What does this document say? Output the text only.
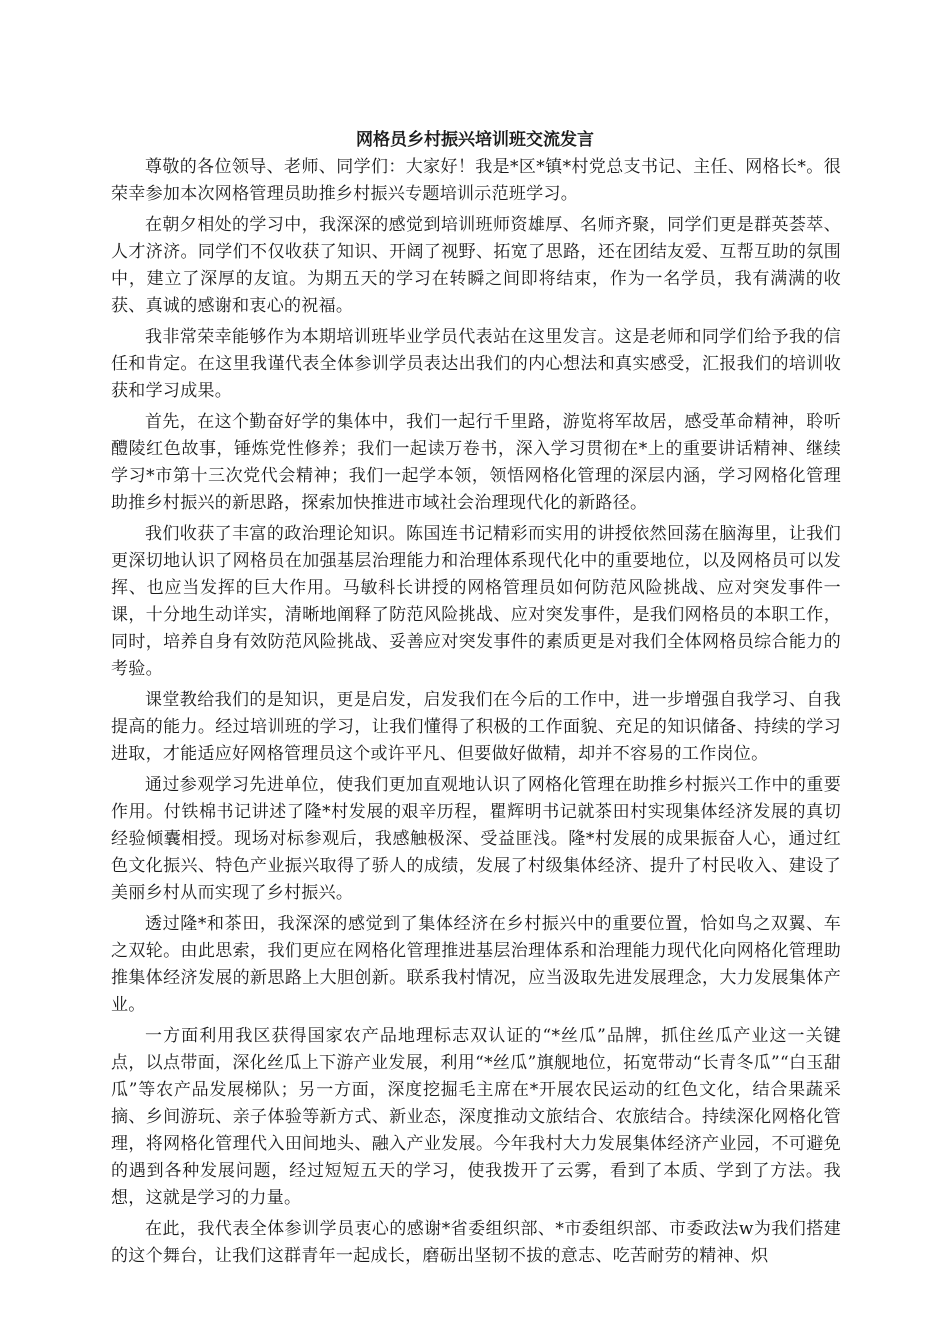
网格员乡村振兴培训班交流发言

尊敬的各位领导、老师、同学们：大家好！我是*区*镇*村党总支书记、主任、网格长*。很荣幸参加本次网格管理员助推乡村振兴专题培训示范班学习。

在朝夕相处的学习中，我深深的感觉到培训班师资雄厚、名师齐聚，同学们更是群英荟萃、人才济济。同学们不仅收获了知识、开阔了视野、拓宽了思路，还在团结友爱、互帮互助的氛围中，建立了深厚的友谊。为期五天的学习在转瞬之间即将结束，作为一名学员，我有满满的收获、真诚的感谢和衷心的祝福。

我非常荣幸能够作为本期培训班毕业学员代表站在这里发言。这是老师和同学们给予我的信任和肯定。在这里我谨代表全体参训学员表达出我们的内心想法和真实感受，汇报我们的培训收获和学习成果。

首先，在这个勤奋好学的集体中，我们一起行千里路，游览将军故居，感受革命精神，聆听醴陵红色故事，锤炼党性修养；我们一起读万卷书，深入学习贯彻在*上的重要讲话精神、继续学习*市第十三次党代会精神；我们一起学本领，领悟网格化管理的深层内涵，学习网格化管理助推乡村振兴的新思路，探索加快推进市域社会治理现代化的新路径。

我们收获了丰富的政治理论知识。陈国连书记精彩而实用的讲授依然回荡在脑海里，让我们更深切地认识了网格员在加强基层治理能力和治理体系现代化中的重要地位，以及网格员可以发挥、也应当发挥的巨大作用。马敏科长讲授的网格管理员如何防范风险挑战、应对突发事件一课，十分地生动详实，清晰地阐释了防范风险挑战、应对突发事件，是我们网格员的本职工作，同时，培养自身有效防范风险挑战、妥善应对突发事件的素质更是对我们全体网格员综合能力的考验。

课堂教给我们的是知识，更是启发，启发我们在今后的工作中，进一步增强自我学习、自我提高的能力。经过培训班的学习，让我们懂得了积极的工作面貌、充足的知识储备、持续的学习进取，才能适应好网格管理员这个或许平凡、但要做好做精，却并不容易的工作岗位。

通过参观学习先进单位，使我们更加直观地认识了网格化管理在助推乡村振兴工作中的重要作用。付铁棉书记讲述了隆*村发展的艰辛历程，瞿辉明书记就茶田村实现集体经济发展的真切经验倾囊相授。现场对标参观后，我感触极深、受益匪浅。隆*村发展的成果振奋人心，通过红色文化振兴、特色产业振兴取得了骄人的成绩，发展了村级集体经济、提升了村民收入、建设了美丽乡村从而实现了乡村振兴。

透过隆*和茶田，我深深的感觉到了集体经济在乡村振兴中的重要位置，恰如鸟之双翼、车之双轮。由此思索，我们更应在网格化管理推进基层治理体系和治理能力现代化向网格化管理助推集体经济发展的新思路上大胆创新。联系我村情况，应当汲取先进发展理念，大力发展集体产业。

一方面利用我区获得国家农产品地理标志双认证的“*丝瓜”品牌，抓住丝瓜产业这一关键点，以点带面，深化丝瓜上下游产业发展，利用“*丝瓜”旗舰地位，拓宽带动“长青冬瓜”“白玉甜瓜”等农产品发展梯队；另一方面，深度挖掘毛主席在*开展农民运动的红色文化，结合果蔬采摘、乡间游玩、亲子体验等新方式、新业态，深度推动文旅结合、农旅结合。持续深化网格化管理，将网格化管理代入田间地头、融入产业发展。今年我村大力发展集体经济产业园，不可避免的遇到各种发展问题，经过短短五天的学习，使我拨开了云雾，看到了本质、学到了方法。我想，这就是学习的力量。

在此，我代表全体参训学员衷心的感谢*省委组织部、*市委组织部、市委政法w为我们搭建的这个舞台，让我们这群青年一起成长，磨砺出坚韧不拔的意志、吃苦耐劳的精神、炽
